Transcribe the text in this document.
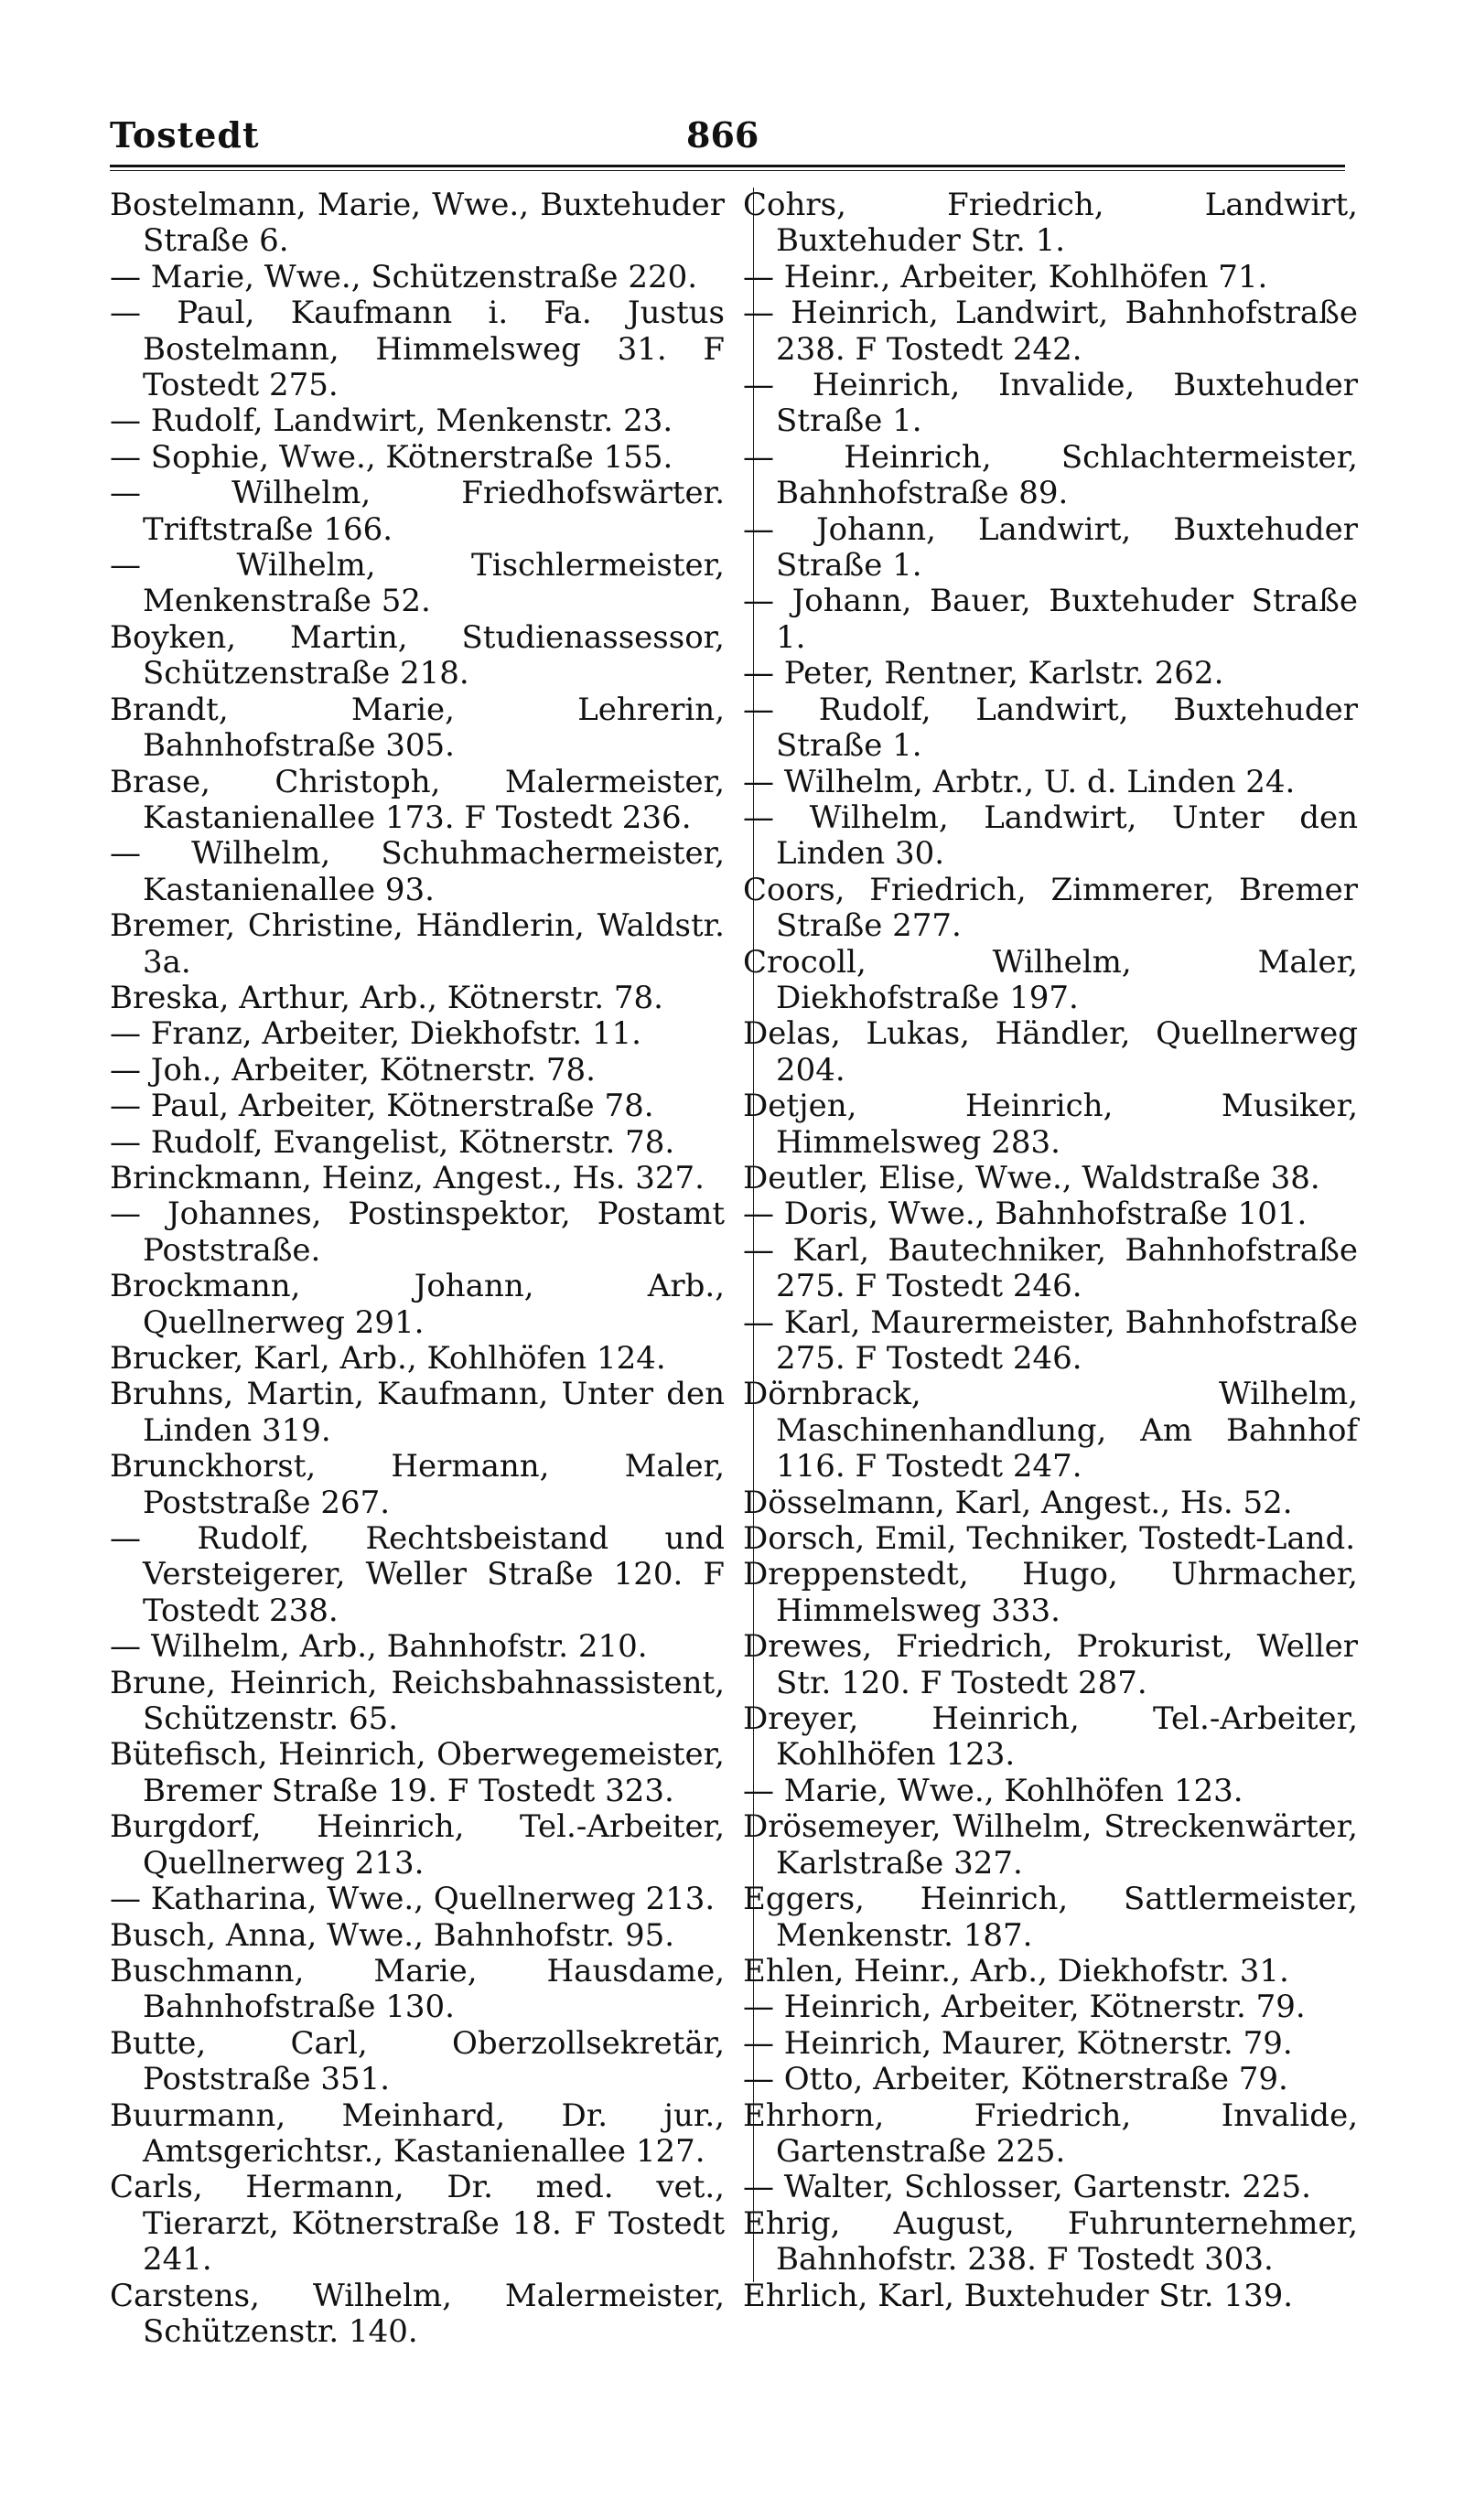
Tostedt	866

Bostelmann, Marie, Wwe., Buxtehuder Straße 6.

— Marie, Wwe., Schützenstraße 220.

— Paul, Kaufmann i. Fa. Justus Bostelmann, Himmelsweg 31. F Tostedt 275.

— Rudolf, Landwirt, Menkenstr. 23.

— Sophie, Wwe., Kötnerstraße 155.

— Wilhelm, Friedhofswärter. Triftstraße 166.

— Wilhelm, Tischlermeister, Menkenstraße 52.

Boyken, Martin, Studienassessor, Schützenstraße 218.

Brandt, Marie, Lehrerin, Bahnhofstraße 305.

Brase, Christoph, Malermeister, Kastanienallee 173. F Tostedt 236.

— Wilhelm, Schuhmachermeister, Kastanienallee 93.

Bremer, Christine, Händlerin, Waldstr. 3a.

Breska, Arthur, Arb., Kötnerstr. 78.

— Franz, Arbeiter, Diekhofstr. 11.

— Joh., Arbeiter, Kötnerstr. 78.

— Paul, Arbeiter, Kötnerstraße 78.

— Rudolf, Evangelist, Kötnerstr. 78.

Brinckmann, Heinz, Angest., Hs. 327.

— Johannes, Postinspektor, Postamt Poststraße.

Brockmann, Johann, Arb., Quellnerweg 291.

Brucker, Karl, Arb., Kohlhöfen 124.

Bruhns, Martin, Kaufmann, Unter den Linden 319.

Brunckhorst, Hermann, Maler, Poststraße 267.

— Rudolf, Rechtsbeistand und Versteigerer, Weller Straße 120. F Tostedt 238.

— Wilhelm, Arb., Bahnhofstr. 210.

Brune, Heinrich, Reichsbahnassistent, Schützenstr. 65.

Bütefisch, Heinrich, Oberwegemeister, Bremer Straße 19. F Tostedt 323.

Burgdorf, Heinrich, Tel.-Arbeiter, Quellnerweg 213.

— Katharina, Wwe., Quellnerweg 213.

Busch, Anna, Wwe., Bahnhofstr. 95.

Buschmann, Marie, Hausdame, Bahnhofstraße 130.

Butte, Carl, Oberzollsekretär, Poststraße 351.

Buurmann, Meinhard, Dr. jur., Amtsgerichtsr., Kastanienallee 127.

Carls, Hermann, Dr. med. vet., Tierarzt, Kötnerstraße 18. F Tostedt 241.

Carstens, Wilhelm, Malermeister, Schützenstr. 140.

Cohrs, Friedrich, Landwirt, Buxtehuder Str. 1.

— Heinr., Arbeiter, Kohlhöfen 71.

— Heinrich, Landwirt, Bahnhofstraße 238. F Tostedt 242.

— Heinrich, Invalide, Buxtehuder Straße 1.

— Heinrich, Schlachtermeister, Bahnhofstraße 89.

— Johann, Landwirt, Buxtehuder Straße 1.

— Johann, Bauer, Buxtehuder Straße 1.

— Peter, Rentner, Karlstr. 262.

— Rudolf, Landwirt, Buxtehuder Straße 1.

— Wilhelm, Arbtr., U. d. Linden 24.

— Wilhelm, Landwirt, Unter den Linden 30.

Coors, Friedrich, Zimmerer, Bremer Straße 277.

Crocoll, Wilhelm, Maler, Diekhofstraße 197.

Delas, Lukas, Händler, Quellnerweg 204.

Detjen, Heinrich, Musiker, Himmelsweg 283.

Deutler, Elise, Wwe., Waldstraße 38.

— Doris, Wwe., Bahnhofstraße 101.

— Karl, Bautechniker, Bahnhofstraße 275. F Tostedt 246.

— Karl, Maurermeister, Bahnhofstraße 275. F Tostedt 246.

Dörnbrack, Wilhelm, Maschinenhandlung, Am Bahnhof 116. F Tostedt 247.

Dösselmann, Karl, Angest., Hs. 52.

Dorsch, Emil, Techniker, Tostedt-Land.

Dreppenstedt, Hugo, Uhrmacher, Himmelsweg 333.

Drewes, Friedrich, Prokurist, Weller Str. 120. F Tostedt 287.

Dreyer, Heinrich, Tel.-Arbeiter, Kohlhöfen 123.

— Marie, Wwe., Kohlhöfen 123.

Drösemeyer, Wilhelm, Streckenwärter, Karlstraße 327.

Eggers, Heinrich, Sattlermeister, Menkenstr. 187.

Ehlen, Heinr., Arb., Diekhofstr. 31.

— Heinrich, Arbeiter, Kötnerstr. 79.

— Heinrich, Maurer, Kötnerstr. 79.

— Otto, Arbeiter, Kötnerstraße 79.

Ehrhorn, Friedrich, Invalide, Gartenstraße 225.

— Walter, Schlosser, Gartenstr. 225.

Ehrig, August, Fuhrunternehmer, Bahnhofstr. 238. F Tostedt 303.

Ehrlich, Karl, Buxtehuder Str. 139.
